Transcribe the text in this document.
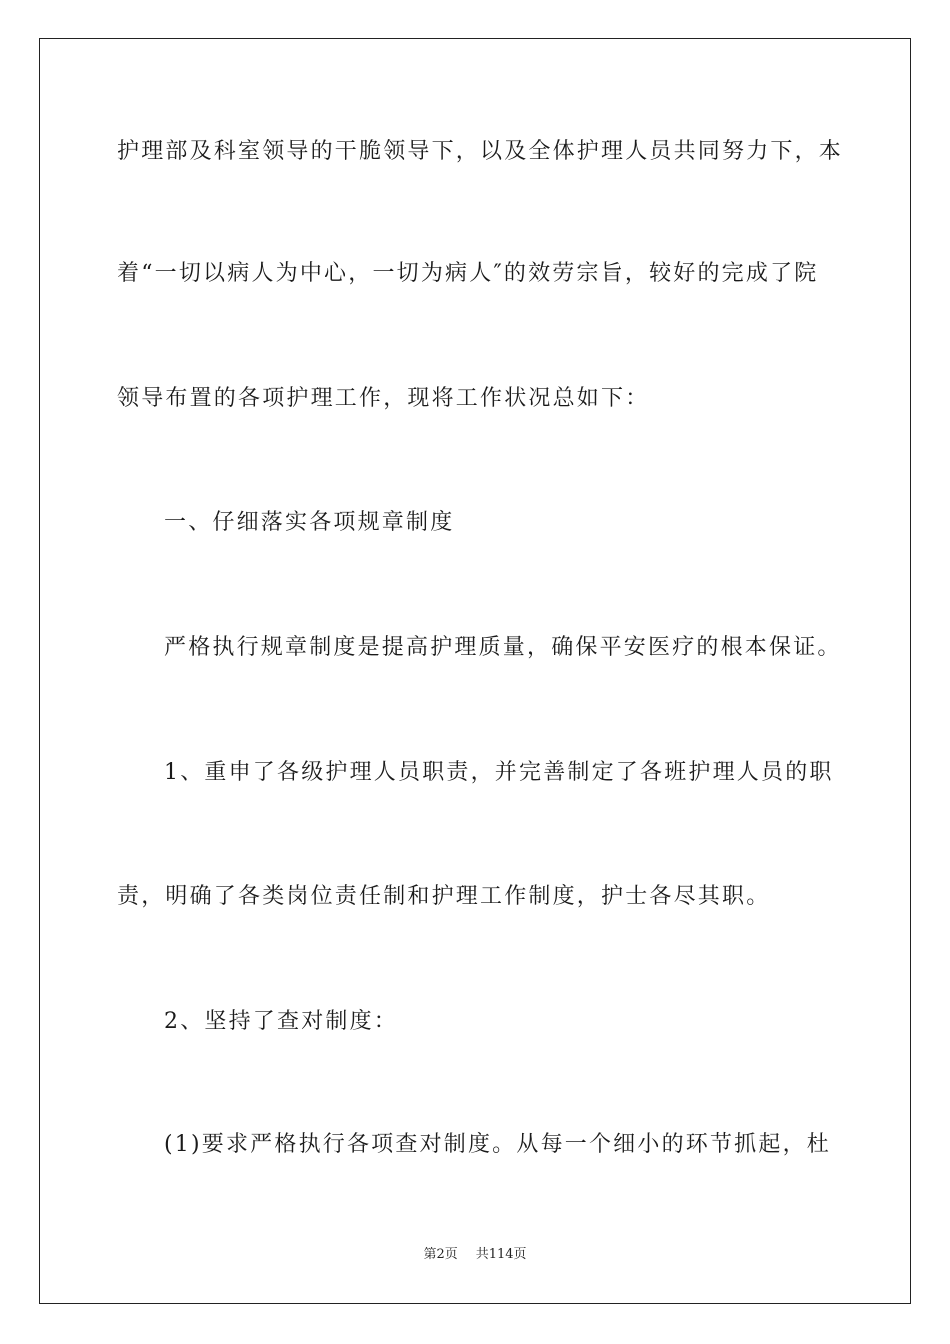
护理部及科室领导的干脆领导下，以及全体护理人员共同努力下，本
着“一切以病人为中心，一切为病人″的效劳宗旨，较好的完成了院
领导布置的各项护理工作，现将工作状况总如下：
一、仔细落实各项规章制度
严格执行规章制度是提高护理质量，确保平安医疗的根本保证。
1、重申了各级护理人员职责，并完善制定了各班护理人员的职
责，明确了各类岗位责任制和护理工作制度，护士各尽其职。
2、坚持了查对制度：
(1)要求严格执行各项查对制度。从每一个细小的环节抓起，杜
第2页 共114页
